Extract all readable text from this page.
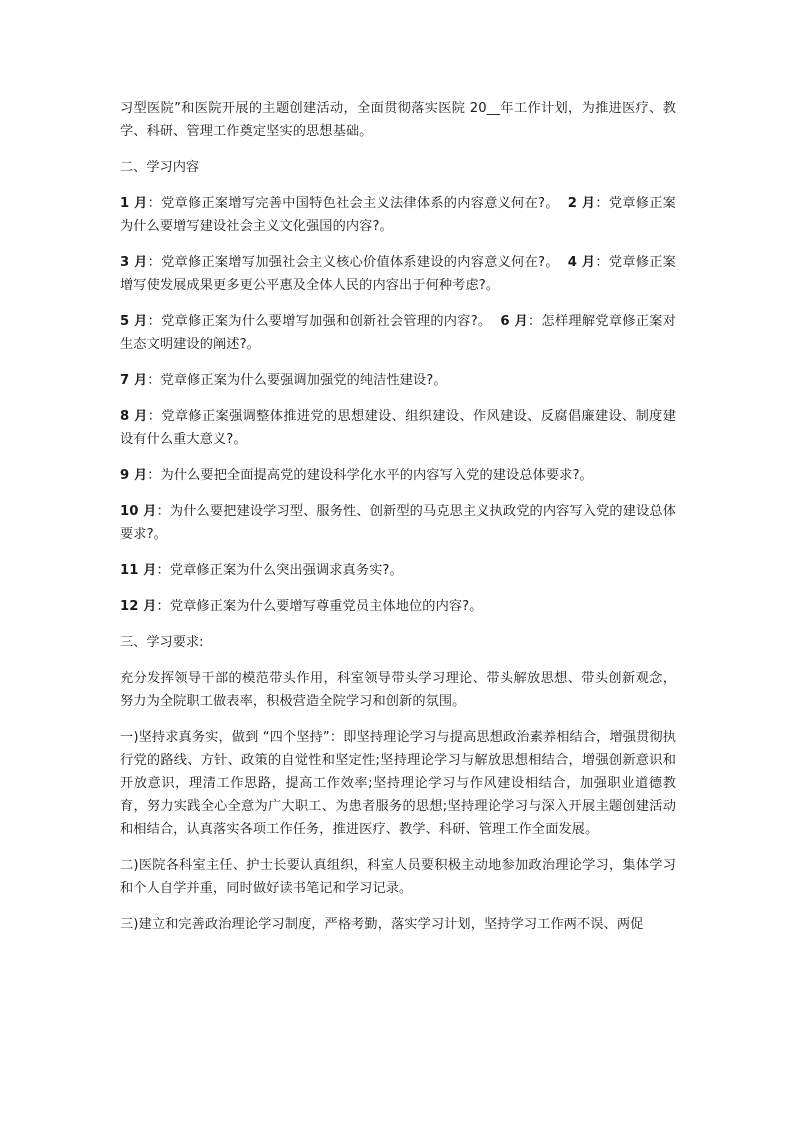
习型医院”和医院开展的主题创建活动，全面贯彻落实医院 20__年工作计划，为推进医疗、教学、科研、管理工作奠定坚实的思想基础。

二、学习内容

1 月：党章修正案增写完善中国特色社会主义法律体系的内容意义何在?。 2 月：党章修正案为什么要增写建设社会主义文化强国的内容?。

3 月：党章修正案增写加强社会主义核心价值体系建设的内容意义何在?。 4 月：党章修正案增写使发展成果更多更公平惠及全体人民的内容出于何种考虑?。

5 月：党章修正案为什么要增写加强和创新社会管理的内容?。 6 月：怎样理解党章修正案对生态文明建设的阐述?。

7 月：党章修正案为什么要强调加强党的纯洁性建设?。

8 月：党章修正案强调整体推进党的思想建设、组织建设、作风建设、反腐倡廉建设、制度建设有什么重大意义?。

9 月：为什么要把全面提高党的建设科学化水平的内容写入党的建设总体要求?。

10 月：为什么要把建设学习型、服务性、创新型的马克思主义执政党的内容写入党的建设总体要求?。

11 月：党章修正案为什么突出强调求真务实?。

12 月：党章修正案为什么要增写尊重党员主体地位的内容?。

三、学习要求:

充分发挥领导干部的模范带头作用，科室领导带头学习理论、带头解放思想、带头创新观念，努力为全院职工做表率，积极营造全院学习和创新的氛围。

一)坚持求真务实，做到 “四个坚持”：即坚持理论学习与提高思想政治素养相结合，增强贯彻执行党的路线、方针、政策的自觉性和坚定性;坚持理论学习与解放思想相结合，增强创新意识和开放意识，理清工作思路，提高工作效率;坚持理论学习与作风建设相结合，加强职业道德教育，努力实践全心全意为广大职工、为患者服务的思想;坚持理论学习与深入开展主题创建活动和相结合，认真落实各项工作任务，推进医疗、教学、科研、管理工作全面发展。

二)医院各科室主任、护士长要认真组织，科室人员要积极主动地参加政治理论学习，集体学习和个人自学并重，同时做好读书笔记和学习记录。

三)建立和完善政治理论学习制度，严格考勤，落实学习计划，坚持学习工作两不误、两促
